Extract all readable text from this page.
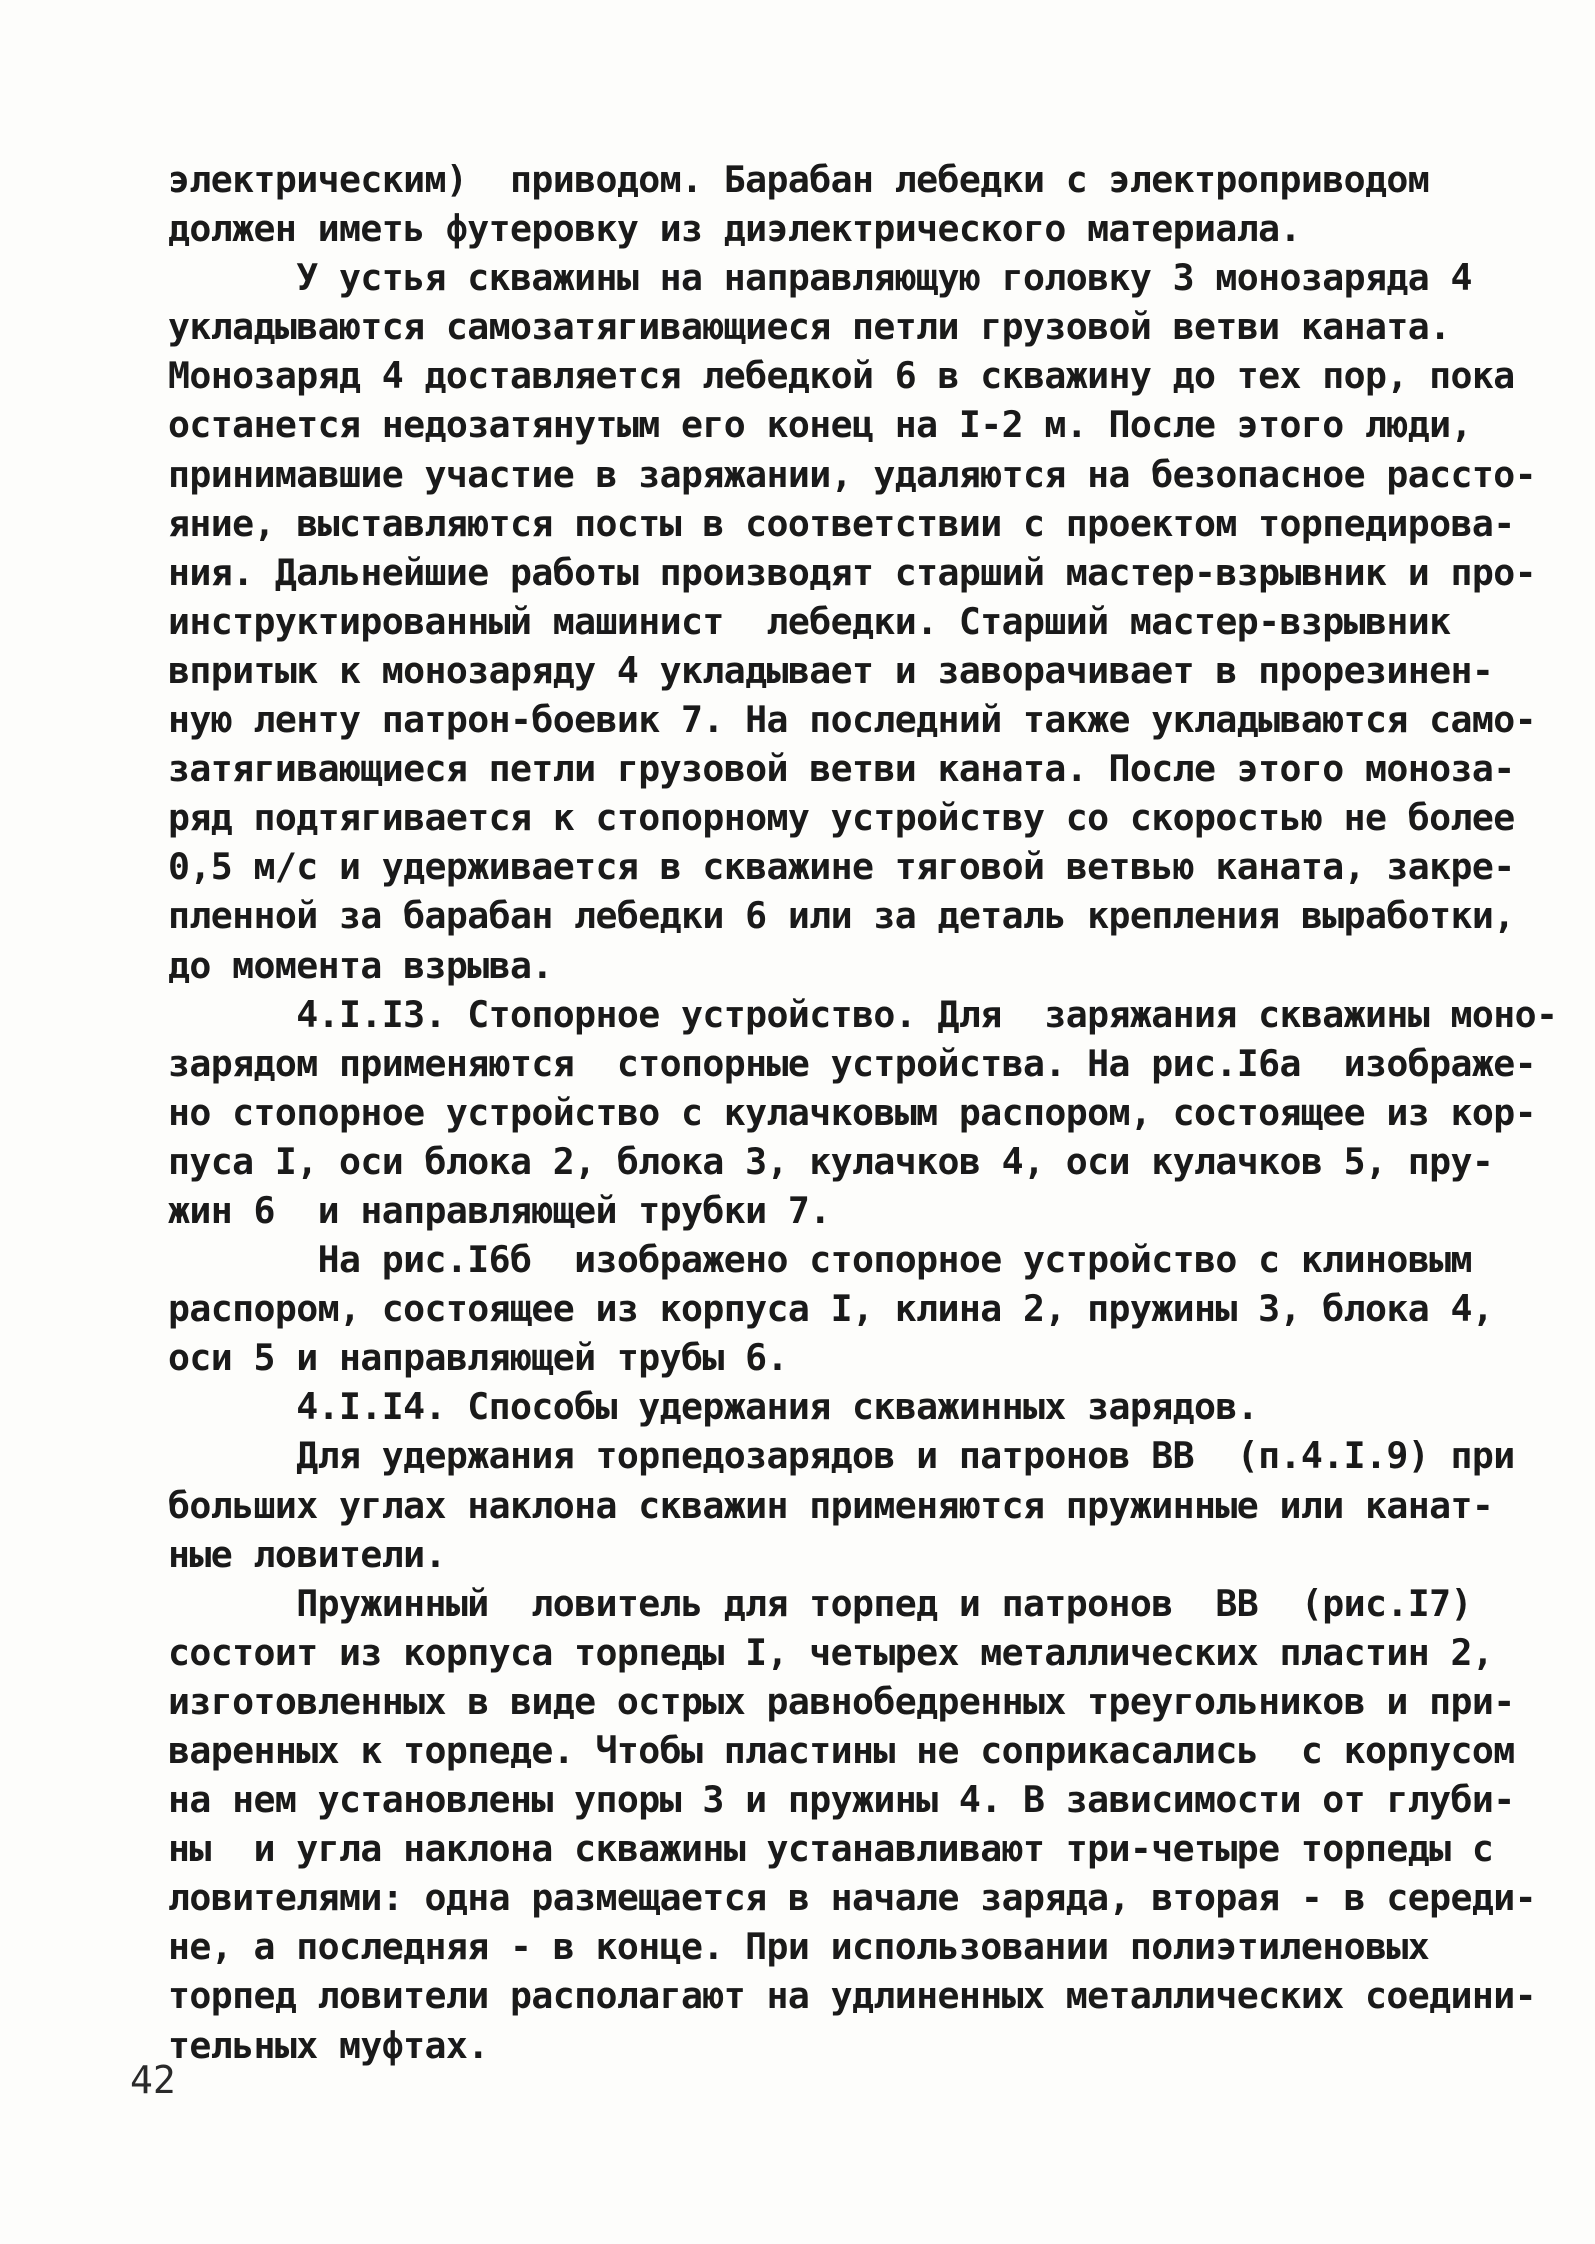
электрическим)  приводом. Барабан лебедки с электроприводом
должен иметь футеровку из диэлектрического материала.
У устья скважины на направляющую головку 3 монозаряда 4
укладываются самозатягивающиеся петли грузовой ветви каната.
Монозаряд 4 доставляется лебедкой 6 в скважину до тех пор, пока
останется недозатянутым его конец на I-2 м. После этого люди,
принимавшие участие в заряжании, удаляются на безопасное рассто-
яние, выставляются посты в соответствии с проектом торпедирова-
ния. Дальнейшие работы производят старший мастер-взрывник и про-
инструктированный машинист  лебедки. Старший мастер-взрывник
впритык к монозаряду 4 укладывает и заворачивает в прорезинен-
ную ленту патрон-боевик 7. На последний также укладываются само-
затягивающиеся петли грузовой ветви каната. После этого моноза-
ряд подтягивается к стопорному устройству со скоростью не более
0,5 м/с и удерживается в скважине тяговой ветвью каната, закре-
пленной за барабан лебедки 6 или за деталь крепления выработки,
до момента взрыва.
4.I.I3. Стопорное устройство. Для  заряжания скважины моно-
зарядом применяются  стопорные устройства. На рис.I6а  изображе-
но стопорное устройство с кулачковым распором, состоящее из кор-
пуса I, оси блока 2, блока 3, кулачков 4, оси кулачков 5, пру-
жин 6  и направляющей трубки 7.
На рис.I6б  изображено стопорное устройство с клиновым
распором, состоящее из корпуса I, клина 2, пружины 3, блока 4,
оси 5 и направляющей трубы 6.
4.I.I4. Способы удержания скважинных зарядов.
Для удержания торпедозарядов и патронов ВВ  (п.4.I.9) при
больших углах наклона скважин применяются пружинные или канат-
ные ловители.
Пружинный  ловитель для торпед и патронов  ВВ  (рис.I7)
состоит из корпуса торпеды I, четырех металлических пластин 2,
изготовленных в виде острых равнобедренных треугольников и при-
варенных к торпеде. Чтобы пластины не соприкасались  с корпусом
на нем установлены упоры 3 и пружины 4. В зависимости от глуби-
ны  и угла наклона скважины устанавливают три-четыре торпеды с
ловителями: одна размещается в начале заряда, вторая - в середи-
не, а последняя - в конце. При использовании полиэтиленовых
торпед ловители располагают на удлиненных металлических соедини-
тельных муфтах.
42
